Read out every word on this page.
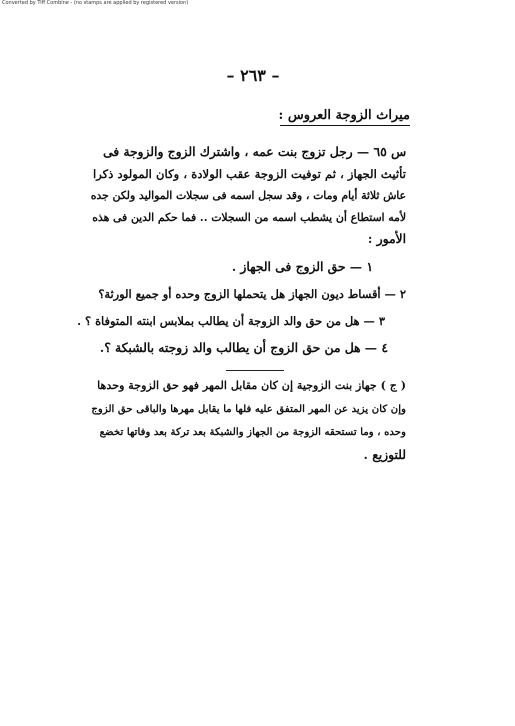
Converted by Tiff Combine - (no stamps are applied by registered version)
– ٢٦٣ –
ميراث الزوجة العروس :
س ٦٥ — رجل تزوج بنت عمه ، واشترك الزوج والزوجة فى
تأثيث الجهاز ، ثم توفيت الزوجة عقب الولادة ، وكان المولود ذكرا
عاش ثلاثة أيام ومات ، وقد سجل اسمه فى سجلات المواليد ولكن جده
لأمه استطاع أن يشطب اسمه من السجلات .. فما حكم الدين فى هذه
الأمور :
١ — حق الزوج فى الجهاز .
٢ — أقساط ديون الجهاز هل يتحملها الزوج وحده أو جميع الورثة؟
٣ — هل من حق والد الزوجة أن يطالب بملابس ابنته المتوفاة ؟ .
٤ — هل من حق الزوج أن يطالب والد زوجته بالشبكة ؟.
( ج ) جهاز بنت الزوجية إن كان مقابل المهر فهو حق الزوجة وحدها
وإن كان يزيد عن المهر المتفق عليه فلها ما يقابل مهرها والباقى حق الزوج
وحده ، وما تستحقه الزوجة من الجهاز والشبكة بعد تركة بعد وفاتها تخضع
للتوزيع .
